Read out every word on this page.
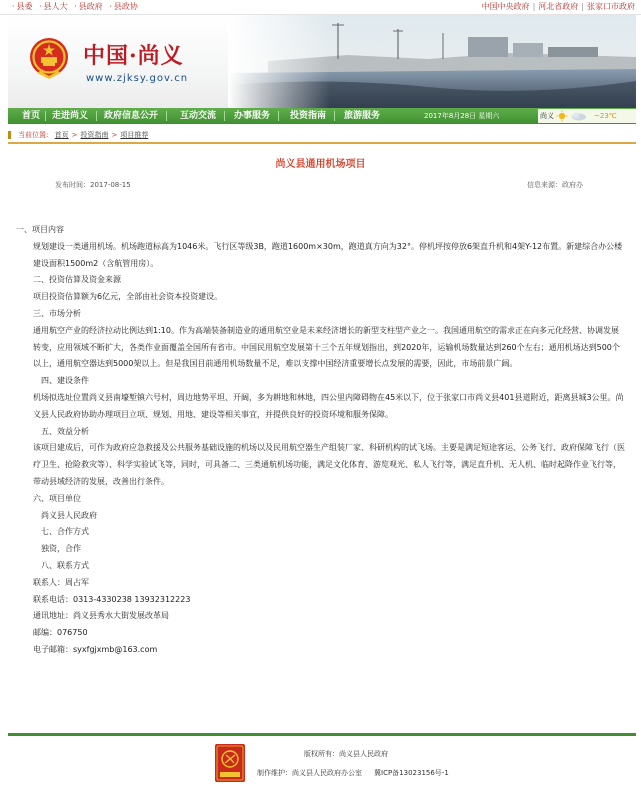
· 县委 · 县人大 · 县政府 · 县政协	中国中央政府 | 河北省政府 | 张家口市政府
中国·尚义
www.zjksy.gov.cn
首页 走进尚义 政府信息公开 互动交流 办事服务 投资指南 旅游服务	2017年8月28日 星期六	尚义	~23℃
当前位置: 首页 > 投资指南 > 项目推荐
尚义县通用机场项目
发布时间：2017-08-15	信息来源：政府办

一、项目内容

规划建设一类通用机场。机场跑道标高为1046米。飞行区等级3B，跑道1600m×30m，跑道真方向为32°。停机坪按停放6架直升机和4架Y-12布置。新建综合办公楼建设面积1500m2（含航管用房）。

二、投资估算及资金来源

项目投资估算额为6亿元，全部由社会资本投资建设。

三、市场分析

通用航空产业的经济拉动比例达到1:10。作为高端装备制造业的通用航空业是未来经济增长的新型支柱型产业之一。我国通用航空的需求正在向多元化经营、协调发展转变，应用领域不断扩大，各类作业面覆盖全国所有省市。中国民用航空发展第十三个五年规划指出，到2020年，运输机场数量达到260个左右；通用机场达到500个以上，通用航空器达到5000架以上。但是我国目前通用机场数量不足，难以支撑中国经济重要增长点发展的需要，因此，市场前景广阔。

四、建设条件

机场拟选址位置尚义县南壕堑镇六号村，周边地势平坦、开阔，多为耕地和林地，四公里内障碍物在45米以下，位于张家口市尚义县401县道附近，距离县城3公里。尚义县人民政府协助办理项目立项、规划、用地、建设等相关事宜，并提供良好的投资环境和服务保障。

五、效益分析

该项目建成后，可作为政府应急救援及公共服务基础设施的机场以及民用航空器生产组装厂家、科研机构的试飞场。主要是满足短途客运、公务飞行、政府保障飞行（医疗卫生、抢险救灾等）、科学实验试飞等，同时，可具备二、三类通航机场功能，满足文化体育、游览观光、私人飞行等，满足直升机、无人机、临时起降作业飞行等，带动县域经济的发展，改善出行条件。

六、项目单位

尚义县人民政府

七、合作方式

独资，合作

八、联系方式

联系人：周占军

联系电话：0313-4330238 13932312223

通讯地址：尚义县秀水大街发展改革局

邮编：076750

电子邮箱：syxfgjxmb@163.com

版权所有：尚义县人民政府
制作维护：尚义县人民政府办公室 冀ICP备13023156号-1
